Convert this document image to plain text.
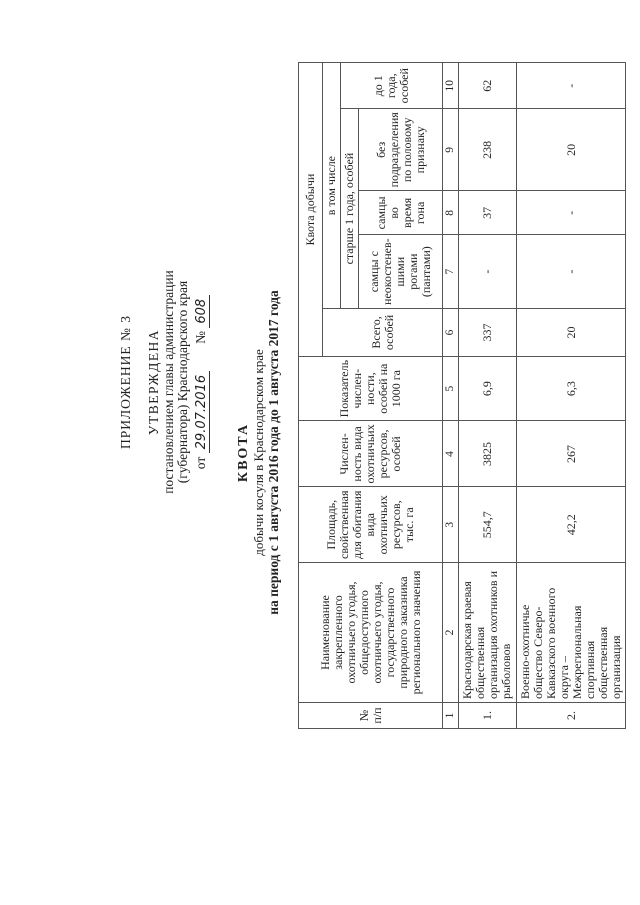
ПРИЛОЖЕНИЕ № 3 УТВЕРЖДЕНА постановлением главы администрации (губернатора) Краснодарского края от 29.07.2016        № 608
КВОТА добычи косуля в Краснодарском крае на период с 1 августа 2016 года до 1 августа 2017 года
№ п/п	Наименование закрепленного охотничьего угодья, общедоступного охотничьего угодья, государственного природного заказника регионального значения	Площадь, свойственная для обитания вида охотничьих ресурсов, тыс. га	Числен-ность вида охотничьих ресурсов, особей	Показатель числен-ности, особей на 1000 га	Квота добычи				
					Всего, особей	в том числе			
						старше 1 года, особей			до 1 года, особей
						самцы с неокостенев-шими рогами (пантами)	самцы во время гона	без подразделения по половому признаку	
1	2	3	4	5	6	7	8	9	10
1.	Краснодарская краевая общественная организация охотников и рыболовов	554,7	3825	6,9	337	-	37	238	62
2.	Военно-охотничье общество Северо-Кавказского военного округа – Межрегиональная спортивная общественная организация	42,2	267	6,3	20	-	-	20	-
